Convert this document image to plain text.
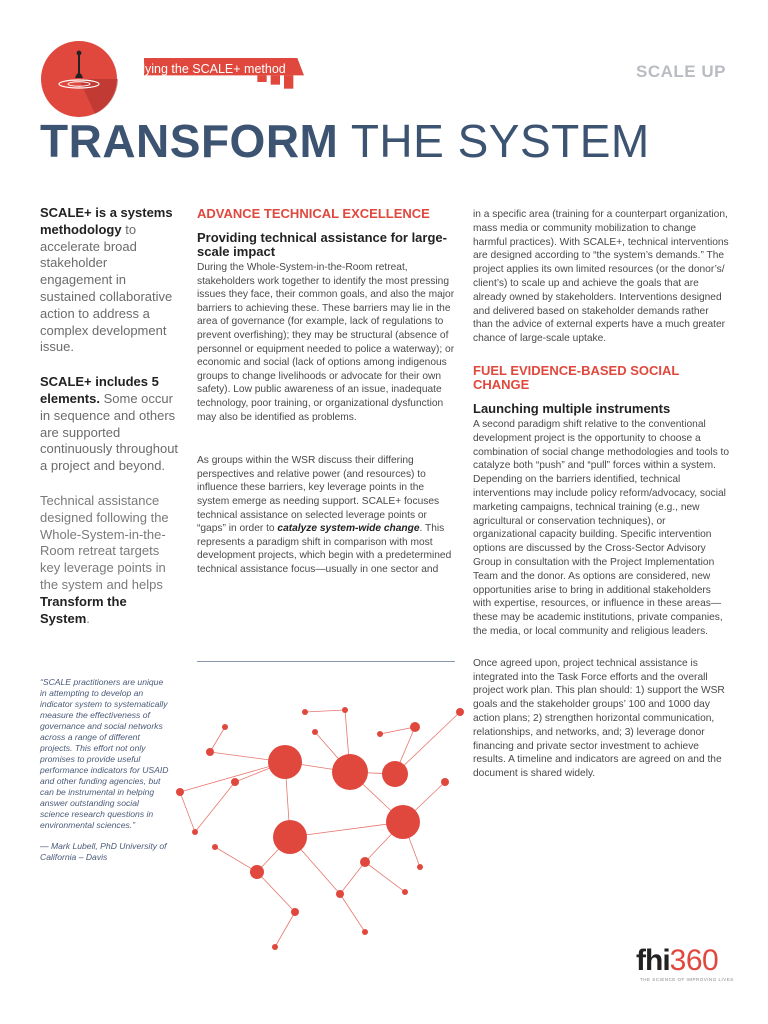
Applying the SCALE+ method	SCALE UP
TRANSFORM THE SYSTEM

SCALE+ is a systems methodology to accelerate broad stakeholder engagement in sustained collaborative action to address a complex development issue.

SCALE+ includes 5 elements. Some occur in sequence and others are supported continuously throughout a project and beyond.

Technical assistance designed following the Whole-System-in-the-Room retreat targets key leverage points in the system and helps Transform the System.

ADVANCE TECHNICAL EXCELLENCE
Providing technical assistance for large-scale impact

During the Whole-System-in-the-Room retreat, stakeholders work together to identify the most pressing issues they face, their common goals, and also the major barriers to achieving these. These barriers may lie in the area of governance (for example, lack of regulations to prevent overfishing); they may be structural (absence of personnel or equipment needed to police a waterway); or economic and social (lack of options among indigenous groups to change livelihoods or advocate for their own safety). Low public awareness of an issue, inadequate technology, poor training, or organizational dysfunction may also be identified as problems.

As groups within the WSR discuss their differing perspectives and relative power (and resources) to influence these barriers, key leverage points in the system emerge as needing support. SCALE+ focuses technical assistance on selected leverage points or “gaps” in order to catalyze system-wide change. This represents a paradigm shift in comparison with most development projects, which begin with a predetermined technical assistance focus—usually in one sector and

in a specific area (training for a counterpart organization, mass media or community mobilization to change harmful practices). With SCALE+, technical interventions are designed according to “the system’s demands.” The project applies its own limited resources (or the donor’s/ client’s) to scale up and achieve the goals that are already owned by stakeholders. Interventions designed and delivered based on stakeholder demands rather than the advice of external experts have a much greater chance of large-scale uptake.

FUEL EVIDENCE-BASED SOCIAL CHANGE
Launching multiple instruments

A second paradigm shift relative to the conventional development project is the opportunity to choose a combination of social change methodologies and tools to catalyze both “push” and “pull” forces within a system. Depending on the barriers identified, technical interventions may include policy reform/advocacy, social marketing campaigns, technical training (e.g., new agricultural or conservation techniques), or organizational capacity building. Specific intervention options are discussed by the Cross-Sector Advisory Group in consultation with the Project Implementation Team and the donor. As options are considered, new opportunities arise to bring in additional stakeholders with expertise, resources, or influence in these areas—these may be academic institutions, private companies, the media, or local community and religious leaders.

Once agreed upon, project technical assistance is integrated into the Task Force efforts and the overall project work plan. This plan should: 1) support the WSR goals and the stakeholder groups’ 100 and 1000 day action plans; 2) strengthen horizontal communication, relationships, and networks, and; 3) leverage donor financing and private sector investment to achieve results. A timeline and indicators are agreed on and the document is shared widely.

“SCALE practitioners are unique in attempting to develop an indicator system to systematically measure the effectiveness of governance and social networks across a range of different projects. This effort not only promises to provide useful performance indicators for USAID and other funding agencies, but can be instrumental in helping answer outstanding social science research questions in environmental sciences.”

— Mark Lubell, PhD University of California – Davis

fhi360
THE SCIENCE OF IMPROVING LIVES
